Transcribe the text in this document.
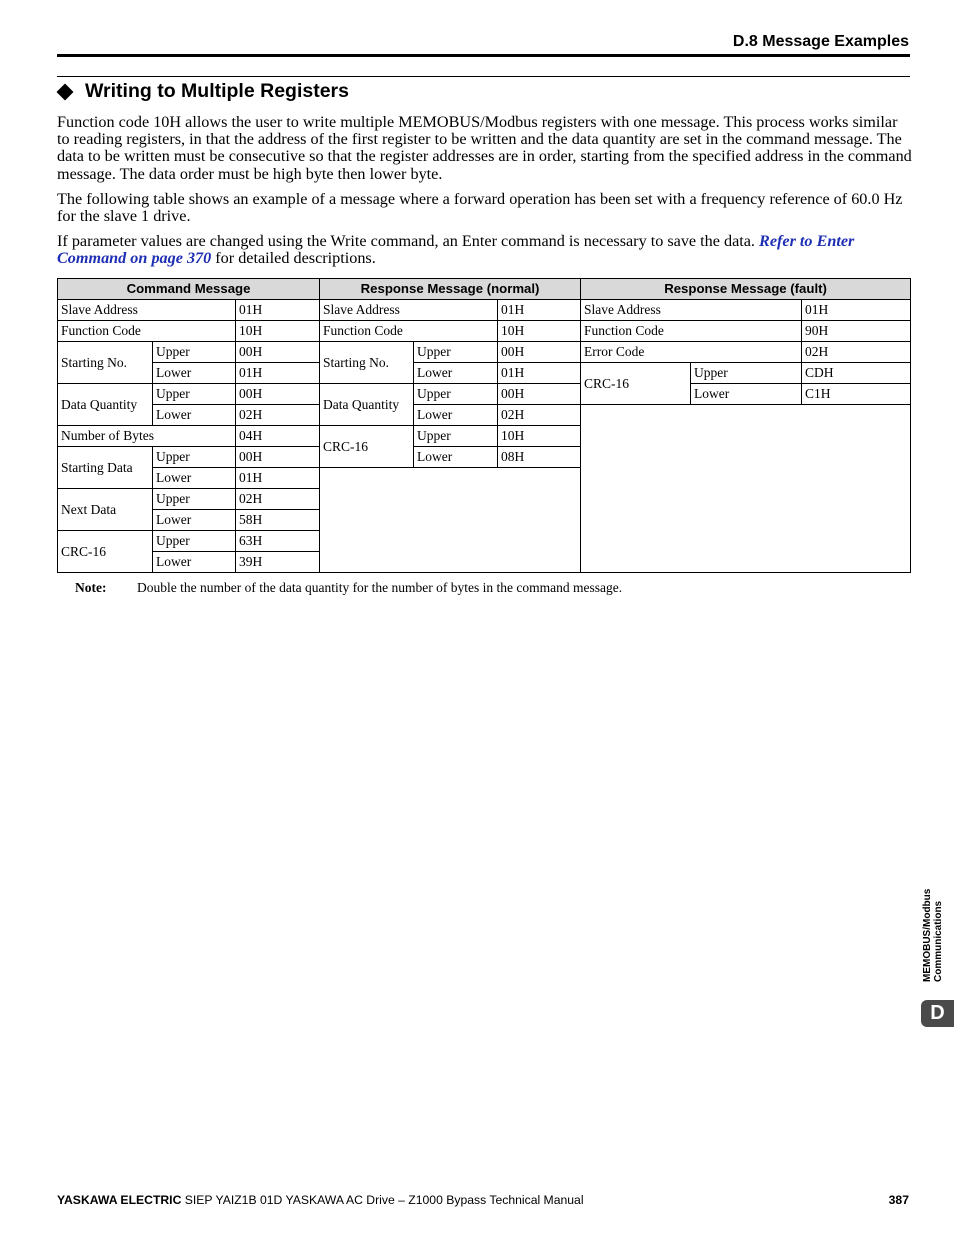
D.8 Message Examples
Writing to Multiple Registers

Function code 10H allows the user to write multiple MEMOBUS/Modbus registers with one message. This process works similar to reading registers, in that the address of the first register to be written and the data quantity are set in the command message. The data to be written must be consecutive so that the register addresses are in order, starting from the specified address in the command message. The data order must be high byte then lower byte.

The following table shows an example of a message where a forward operation has been set with a frequency reference of 60.0 Hz for the slave 1 drive.

If parameter values are changed using the Write command, an Enter command is necessary to save the data. Refer to Enter Command on page 370 for detailed descriptions.

Command Message			Response Message (normal)			Response Message (fault)		
Slave Address		01H	Slave Address		01H	Slave Address		01H
Function Code		10H	Function Code		10H	Function Code		90H
Starting No.	Upper	00H	Starting No.	Upper	00H	Error Code		02H
	Lower	01H		Lower	01H	CRC-16	Upper	CDH
Data Quantity	Upper	00H	Data Quantity	Upper	00H		Lower	C1H
	Lower	02H		Lower	02H			
Number of Bytes		04H	CRC-16	Upper	10H			
Starting Data	Upper	00H		Lower	08H			
	Lower	01H						
Next Data	Upper	02H						
	Lower	58H						
CRC-16	Upper	63H						
	Lower	39H						
Note:	Double the number of the data quantity for the number of bytes in the command message.
MEMOBUS/Modbus Communications
D
YASKAWA ELECTRIC SIEP YAIZ1B 01D YASKAWA AC Drive – Z1000 Bypass Technical Manual	387
